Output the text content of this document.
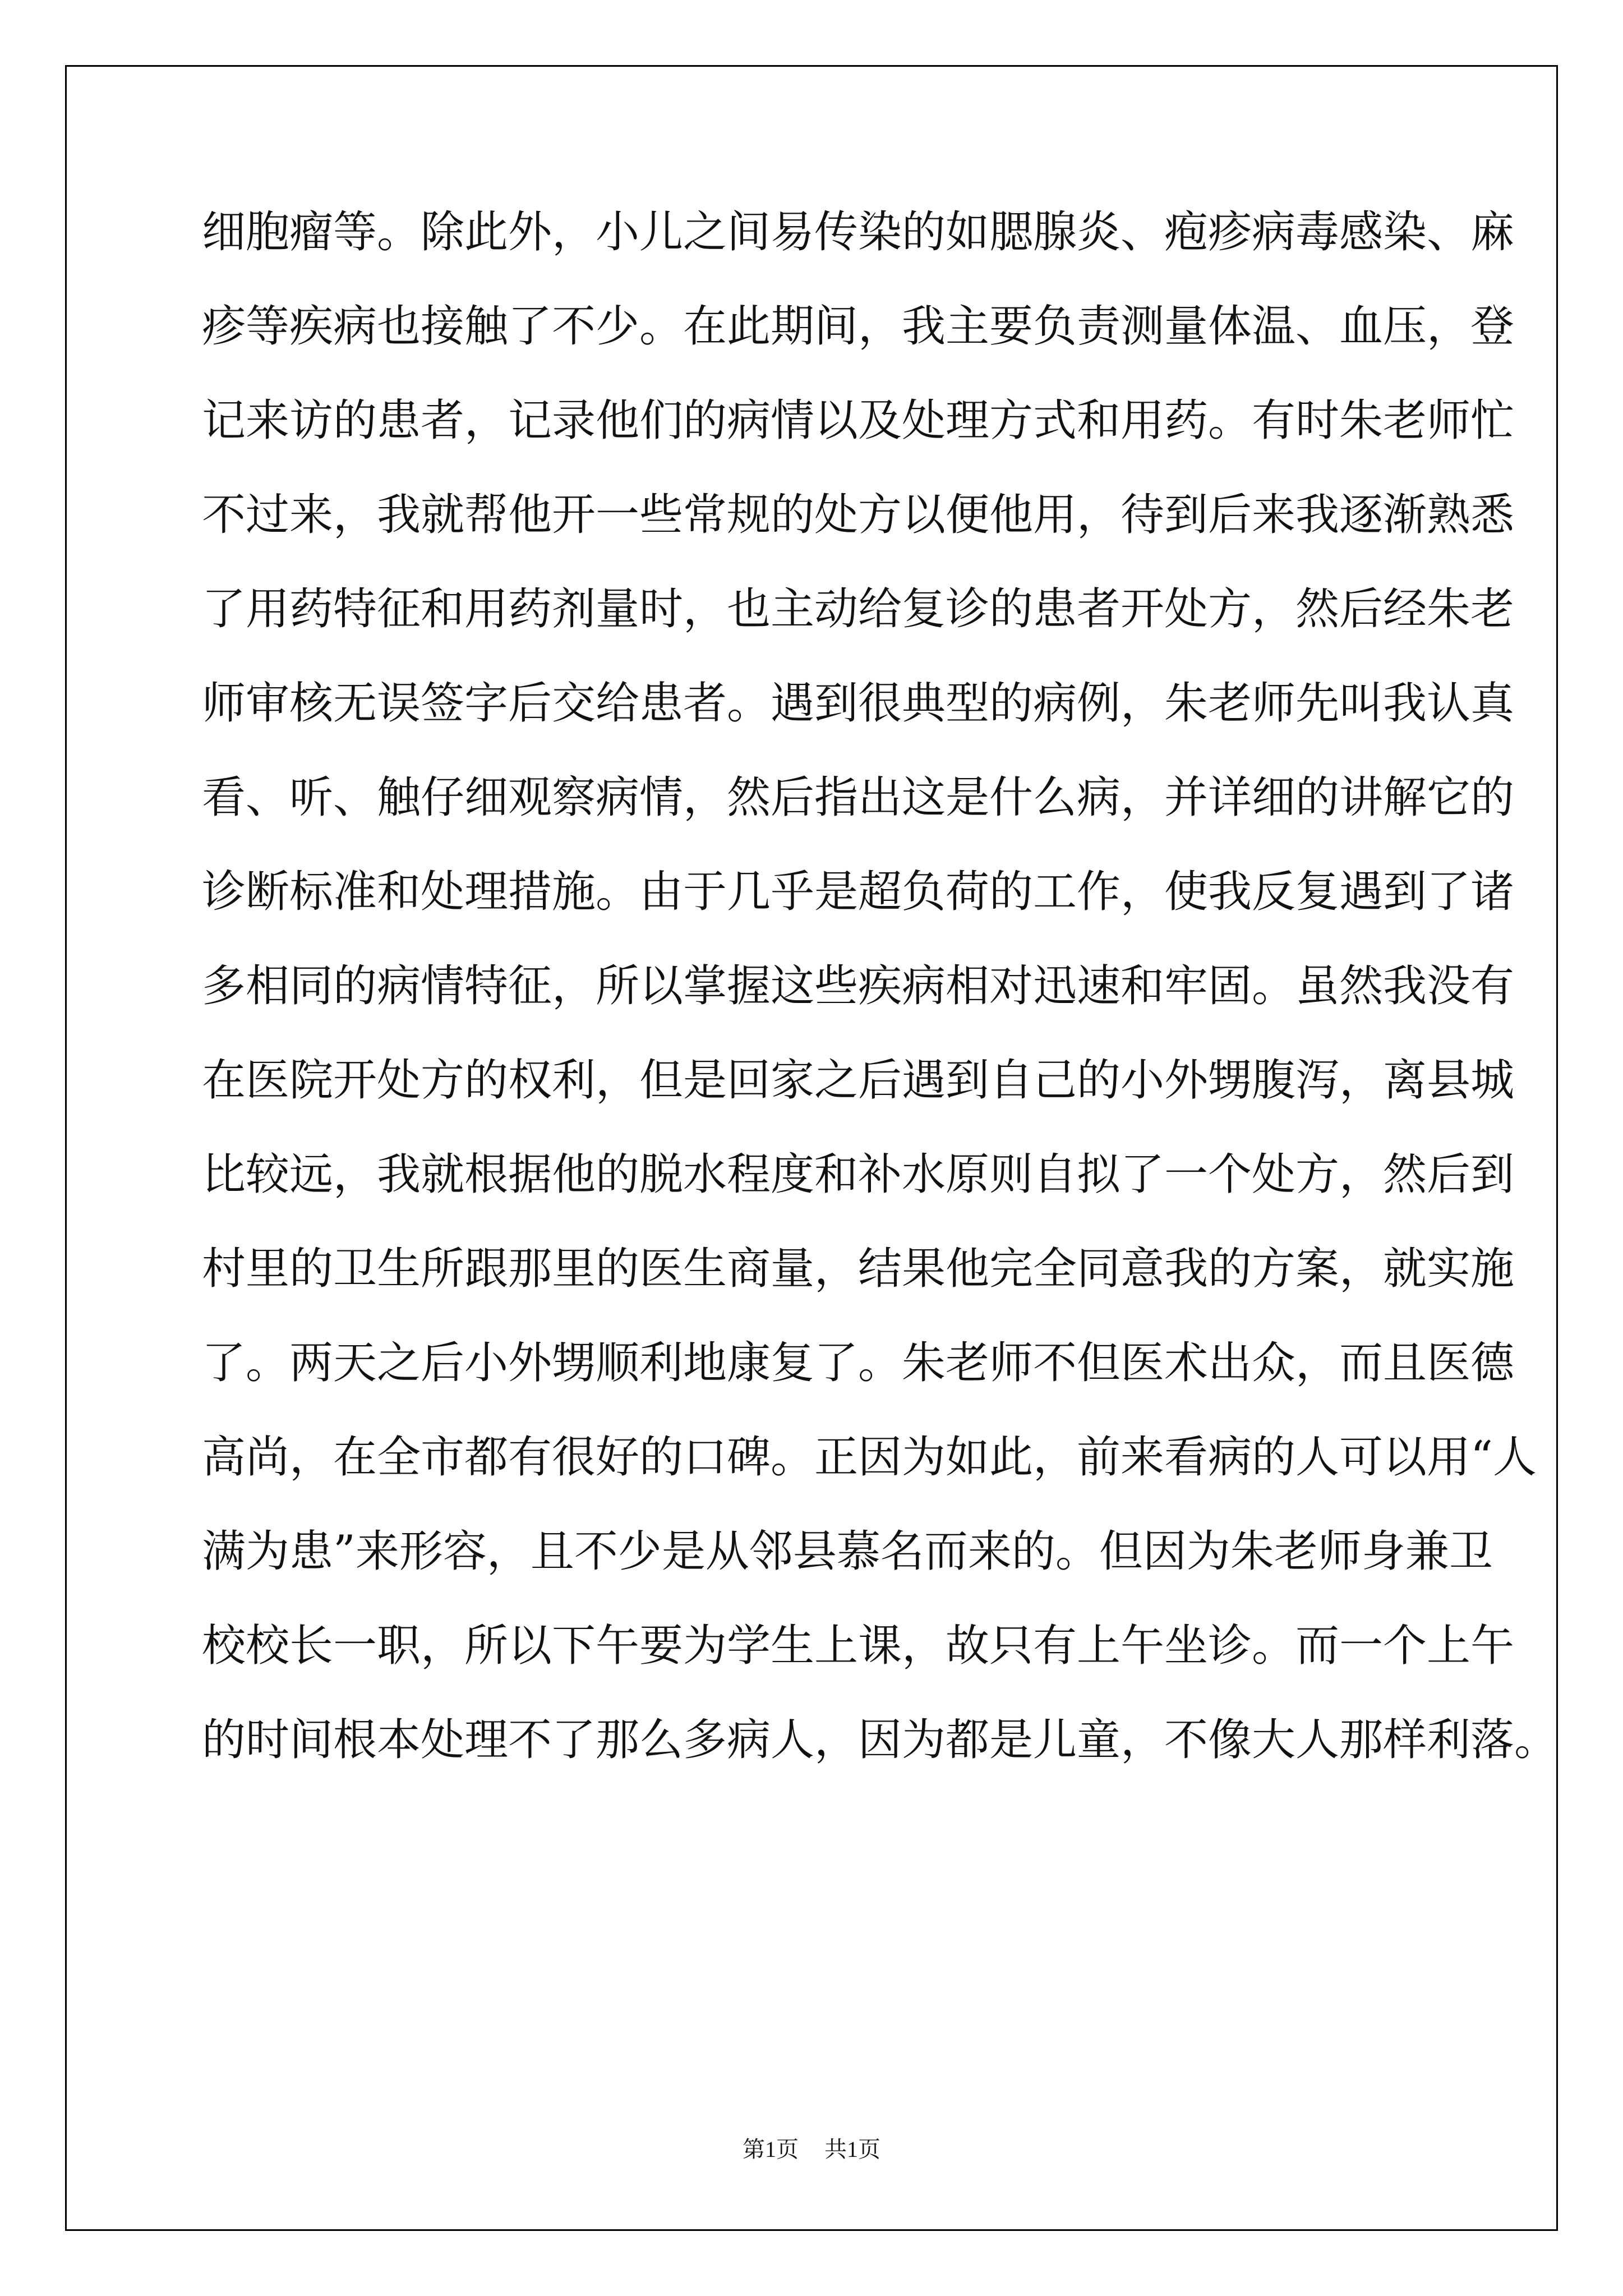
细胞瘤等。除此外，小儿之间易传染的如腮腺炎、疱疹病毒感染、麻
疹等疾病也接触了不少。在此期间，我主要负责测量体温、血压，登
记来访的患者，记录他们的病情以及处理方式和用药。有时朱老师忙
不过来，我就帮他开一些常规的处方以便他用，待到后来我逐渐熟悉
了用药特征和用药剂量时，也主动给复诊的患者开处方，然后经朱老
师审核无误签字后交给患者。遇到很典型的病例，朱老师先叫我认真
看、听、触仔细观察病情，然后指出这是什么病，并详细的讲解它的
诊断标准和处理措施。由于几乎是超负荷的工作，使我反复遇到了诸
多相同的病情特征，所以掌握这些疾病相对迅速和牢固。虽然我没有
在医院开处方的权利，但是回家之后遇到自己的小外甥腹泻，离县城
比较远，我就根据他的脱水程度和补水原则自拟了一个处方，然后到
村里的卫生所跟那里的医生商量，结果他完全同意我的方案，就实施
了。两天之后小外甥顺利地康复了。朱老师不但医术出众，而且医德
高尚，在全市都有很好的口碑。正因为如此，前来看病的人可以用“人
满为患”来形容，且不少是从邻县慕名而来的。但因为朱老师身兼卫
校校长一职，所以下午要为学生上课，故只有上午坐诊。而一个上午
的时间根本处理不了那么多病人，因为都是儿童，不像大人那样利落。
第1页 共1页
